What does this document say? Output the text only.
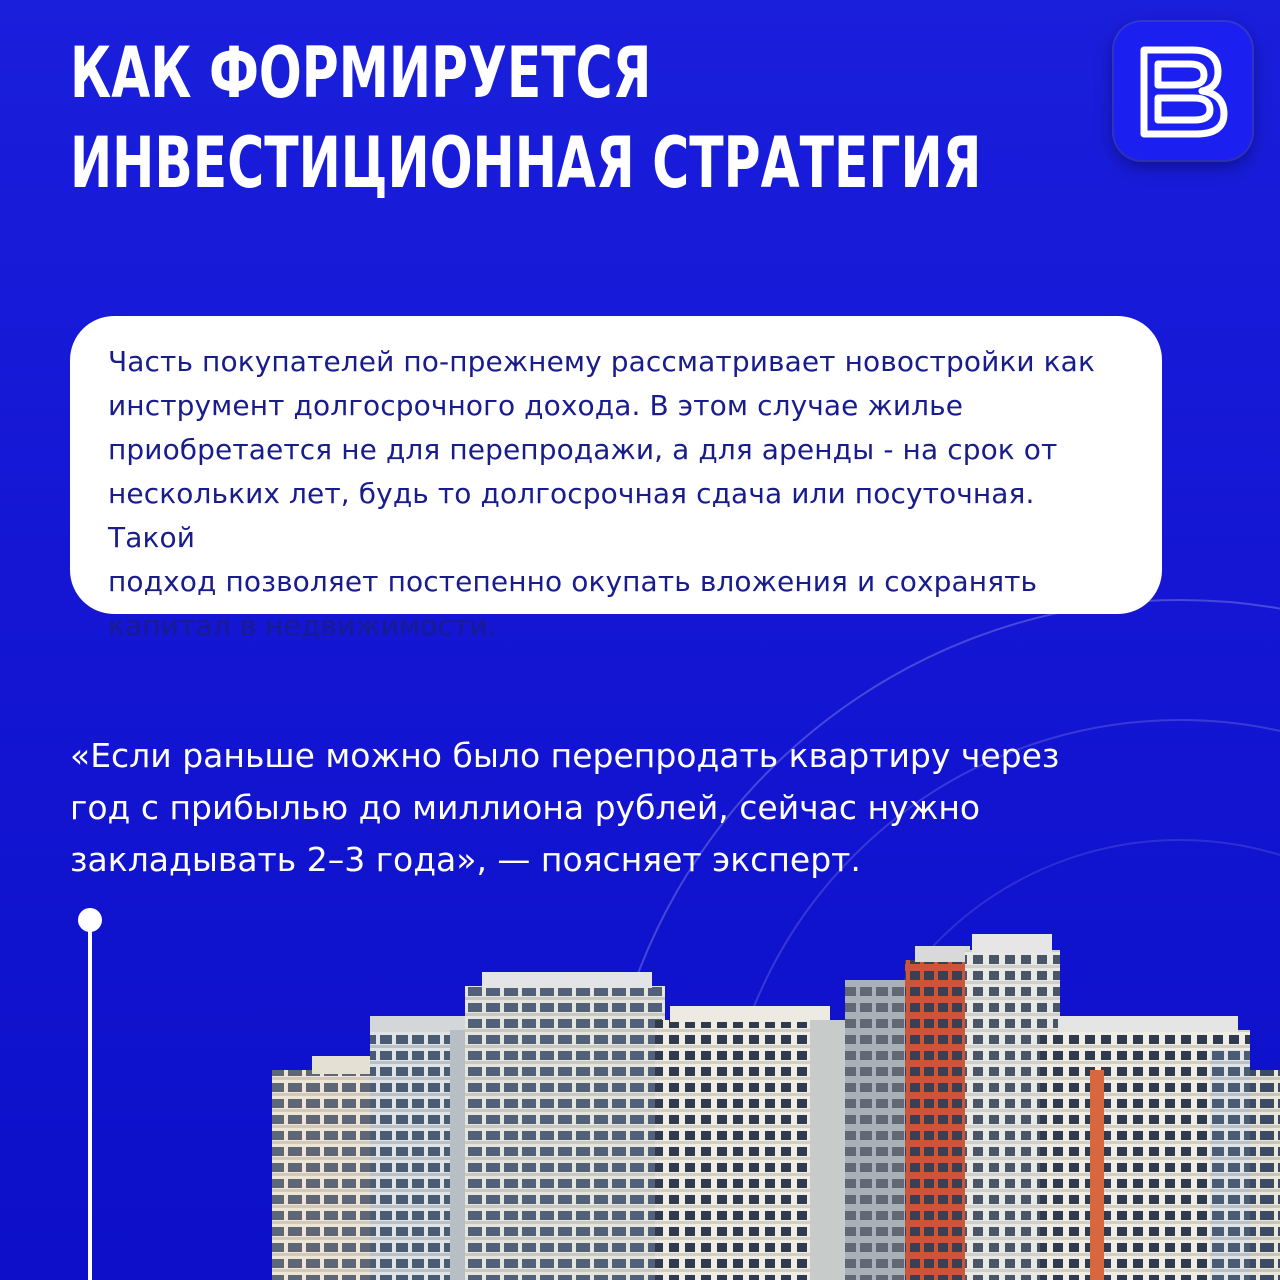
КАК ФОРМИРУЕТСЯ
ИНВЕСТИЦИОННАЯ СТРАТЕГИЯ

Часть покупателей по-прежнему рассматривает новостройки как
инструмент долгосрочного дохода. В этом случае жилье
приобретается не для перепродажи, а для аренды - на срок от
нескольких лет, будь то долгосрочная сдача или посуточная. Такой
подход позволяет постепенно окупать вложения и сохранять
капитал в недвижимости.

«Если раньше можно было перепродать квартиру через
год с прибылью до миллиона рублей, сейчас нужно
закладывать 2–3 года», — поясняет эксперт.
